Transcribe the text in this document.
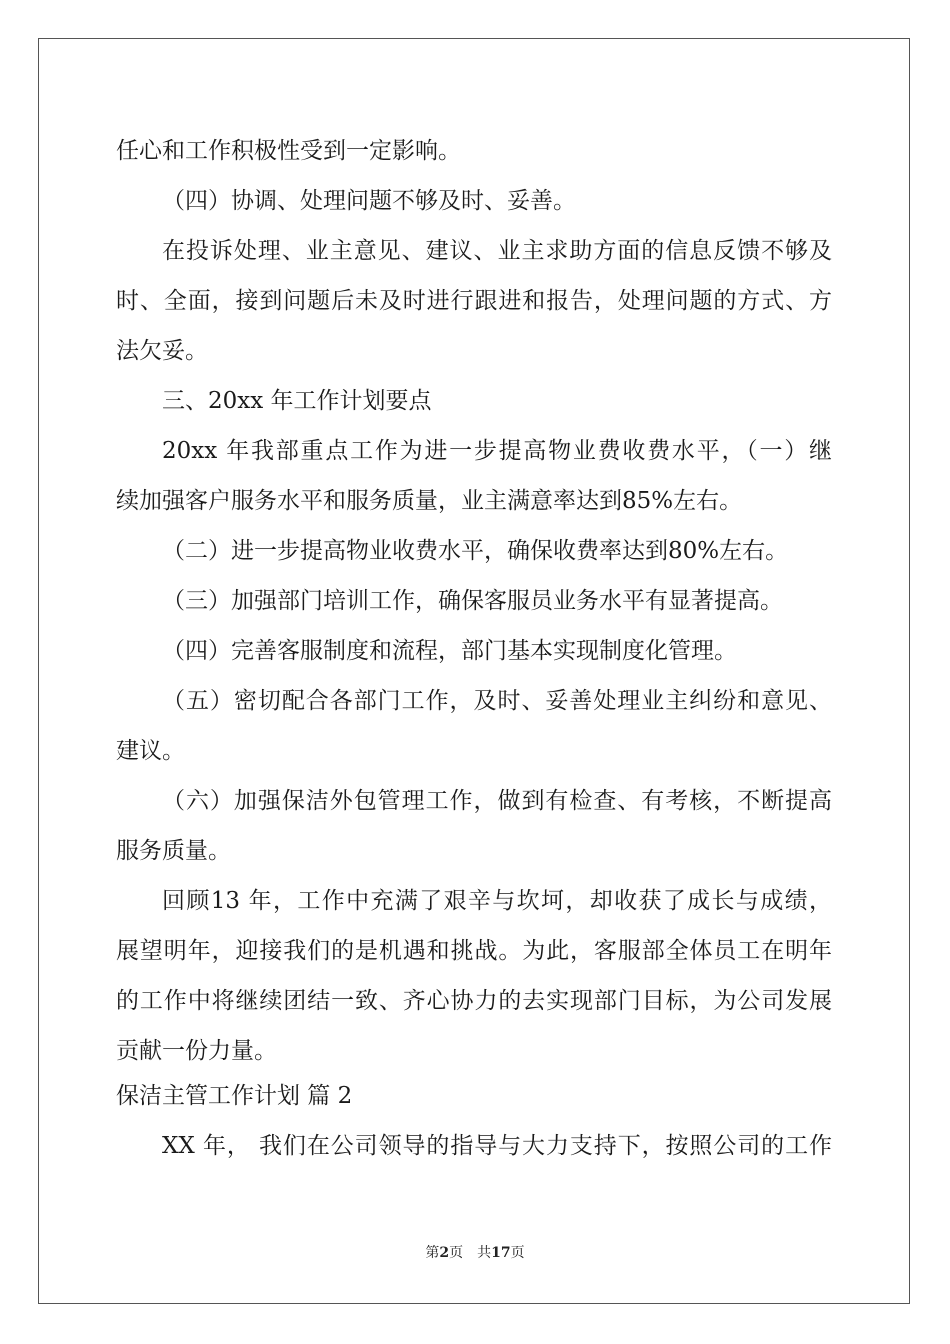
任心和工作积极性受到一定影响。
（四）协调、处理问题不够及时、妥善。
在投诉处理、业主意见、建议、业主求助方面的信息反馈不够及
时、全面，接到问题后未及时进行跟进和报告，处理问题的方式、方
法欠妥。
三、20xx 年工作计划要点
20xx 年我部重点工作为进一步提高物业费收费水平，（一）继
续加强客户服务水平和服务质量，业主满意率达到85%左右。
（二）进一步提高物业收费水平，确保收费率达到80%左右。
（三）加强部门培训工作，确保客服员业务水平有显著提高。
（四）完善客服制度和流程，部门基本实现制度化管理。
（五）密切配合各部门工作，及时、妥善处理业主纠纷和意见、
建议。
（六）加强保洁外包管理工作，做到有检查、有考核，不断提高
服务质量。
回顾13 年，工作中充满了艰辛与坎坷，却收获了成长与成绩，
展望明年，迎接我们的是机遇和挑战。为此，客服部全体员工在明年
的工作中将继续团结一致、齐心协力的去实现部门目标，为公司发展
贡献一份力量。
保洁主管工作计划 篇 2
XX 年， 我们在公司领导的指导与大力支持下，按照公司的工作
第2页 共17页
